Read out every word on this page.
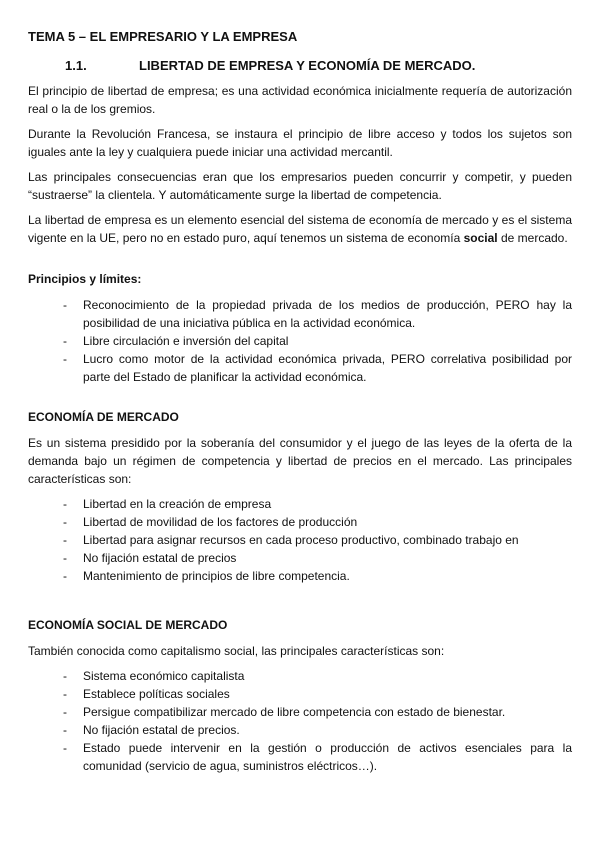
TEMA 5 – EL EMPRESARIO Y LA EMPRESA
1.1.	LIBERTAD DE EMPRESA Y ECONOMÍA DE MERCADO.

El principio de libertad de empresa; es una actividad económica inicialmente requería de autorización real o la de los gremios.

Durante la Revolución Francesa, se instaura el principio de libre acceso y todos los sujetos son iguales ante la ley y cualquiera puede iniciar una actividad mercantil.

Las principales consecuencias eran que los empresarios pueden concurrir y competir, y pueden “sustraerse” la clientela. Y automáticamente surge la libertad de competencia.

La libertad de empresa es un elemento esencial del sistema de economía de mercado y es el sistema vigente en la UE, pero no en estado puro, aquí tenemos un sistema de economía social de mercado.

Principios y límites:
- Reconocimiento de la propiedad privada de los medios de producción, PERO hay la posibilidad de una iniciativa pública en la actividad económica.
- Libre circulación e inversión del capital
- Lucro como motor de la actividad económica privada, PERO correlativa posibilidad por parte del Estado de planificar la actividad económica.
ECONOMÍA DE MERCADO

Es un sistema presidido por la soberanía del consumidor y el juego de las leyes de la oferta de la demanda bajo un régimen de competencia y libertad de precios en el mercado. Las principales características son:

- Libertad en la creación de empresa
- Libertad de movilidad de los factores de producción
- Libertad para asignar recursos en cada proceso productivo, combinado trabajo en
- No fijación estatal de precios
- Mantenimiento de principios de libre competencia.
ECONOMÍA SOCIAL DE MERCADO

También conocida como capitalismo social, las principales características son:

- Sistema económico capitalista
- Establece políticas sociales
- Persigue compatibilizar mercado de libre competencia con estado de bienestar.
- No fijación estatal de precios.
- Estado puede intervenir en la gestión o producción de activos esenciales para la comunidad (servicio de agua, suministros eléctricos…).
